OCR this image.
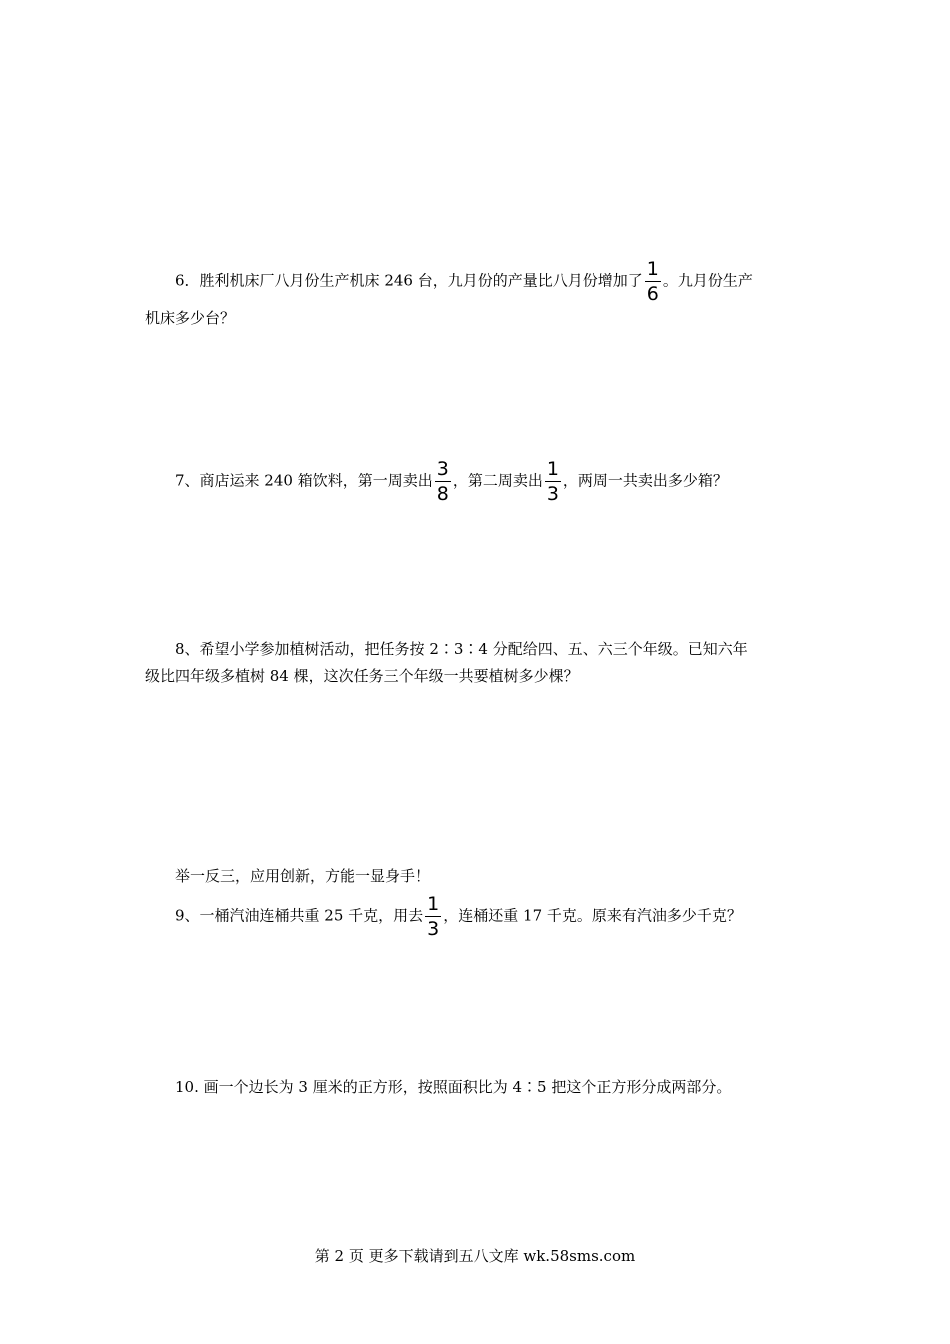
6．胜利机床厂八月份生产机床 246 台，九月份的产量比八月份增加了 $\frac{1}{6}$ 。九月份生产
机床多少台？
7、商店运来 240 箱饮料，第一周卖出 $\frac{3}{8}$ ，第二周卖出 $\frac{1}{3}$ ，两周一共卖出多少箱？
8、希望小学参加植树活动，把任务按 2∶3∶4 分配给四、五、六三个年级。已知六年
级比四年级多植树 84 棵，这次任务三个年级一共要植树多少棵？
举一反三，应用创新，方能一显身手！
9、一桶汽油连桶共重 25 千克，用去 $\frac{1}{3}$ ，连桶还重 17 千克。原来有汽油多少千克？
10. 画一个边长为 3 厘米的正方形，按照面积比为 4∶5 把这个正方形分成两部分。
第 2 页 更多下载请到五八文库 wk.58sms.com
